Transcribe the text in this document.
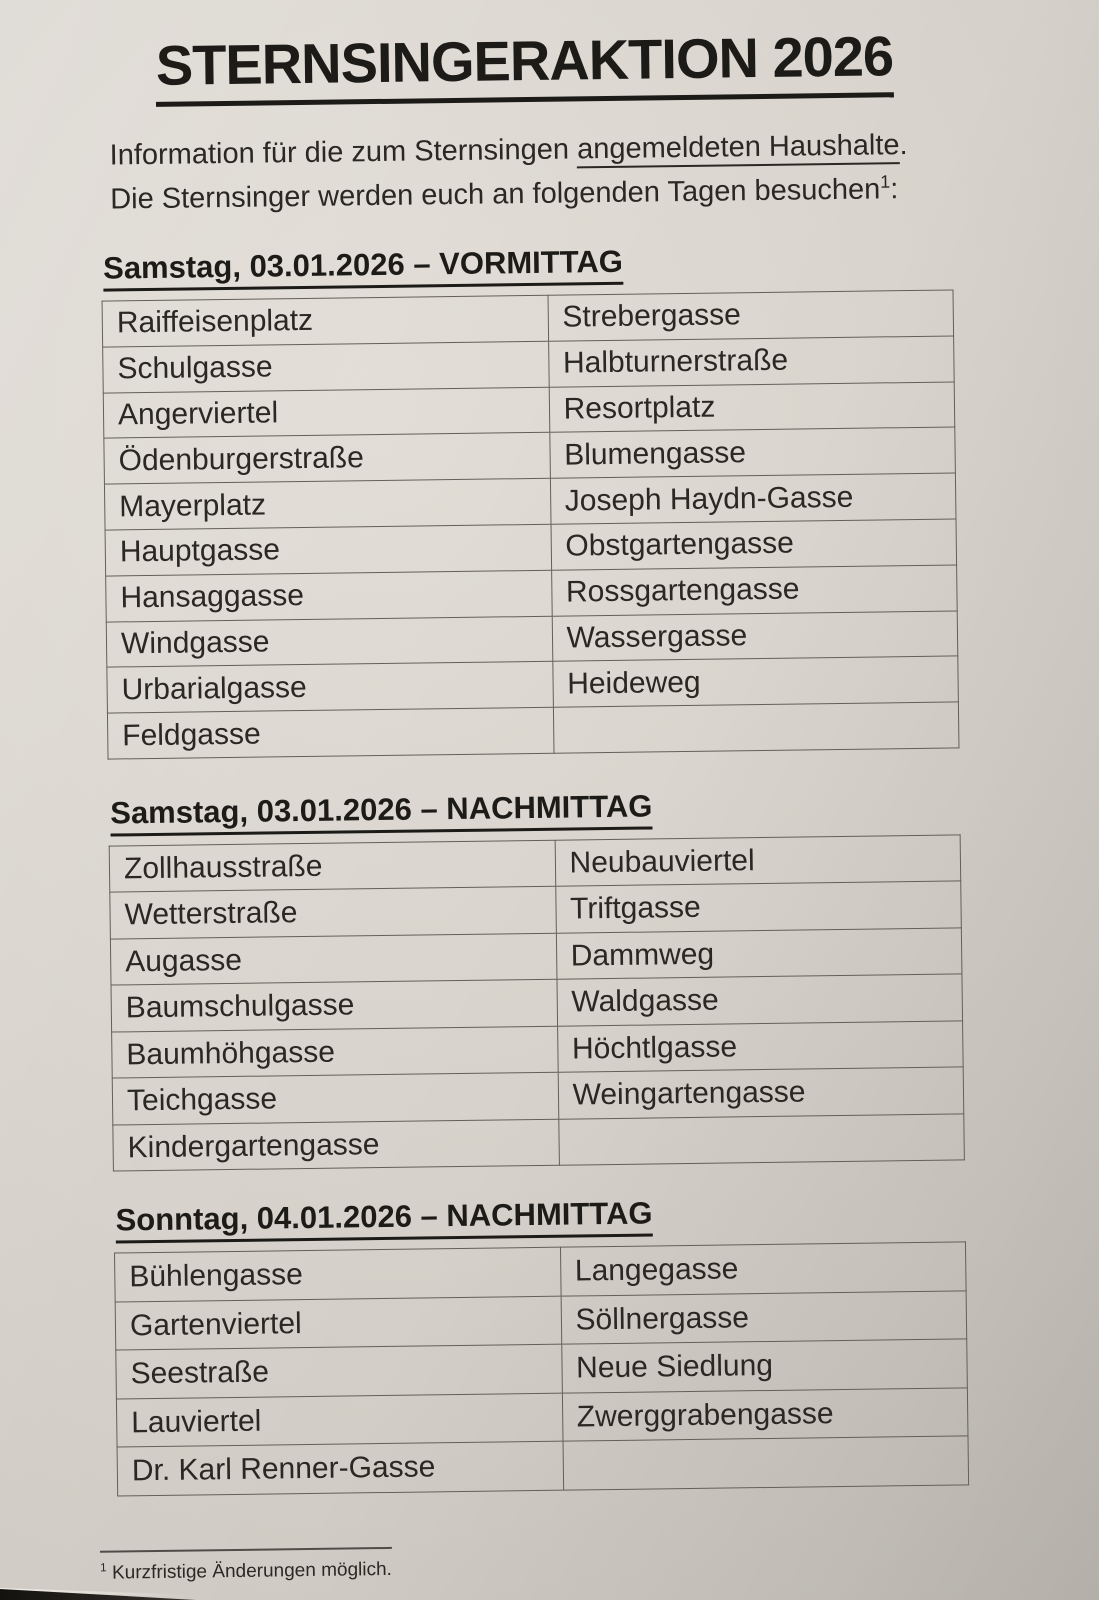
STERNSINGERAKTION 2026

Information für die zum Sternsingen angemeldeten Haushalte.
Die Sternsinger werden euch an folgenden Tagen besuchen$^1$:

Samstag, 03.01.2026 – VORMITTAG
Raiffeisenplatz	Strebergasse
Schulgasse	Halbturnerstraße
Angerviertel	Resortplatz
Ödenburgerstraße	Blumengasse
Mayerplatz	Joseph Haydn-Gasse
Hauptgasse	Obstgartengasse
Hansaggasse	Rossgartengasse
Windgasse	Wassergasse
Urbarialgasse	Heideweg
Feldgasse	
Samstag, 03.01.2026 – NACHMITTAG
Zollhausstraße	Neubauviertel
Wetterstraße	Triftgasse
Augasse	Dammweg
Baumschulgasse	Waldgasse
Baumhöhgasse	Höchtlgasse
Teichgasse	Weingartengasse
Kindergartengasse	
Sonntag, 04.01.2026 – NACHMITTAG
Bühlengasse	Langegasse
Gartenviertel	Söllnergasse
Seestraße	Neue Siedlung
Lauviertel	Zwerggrabengasse
Dr. Karl Renner-Gasse	

$^1$ Kurzfristige Änderungen möglich.
